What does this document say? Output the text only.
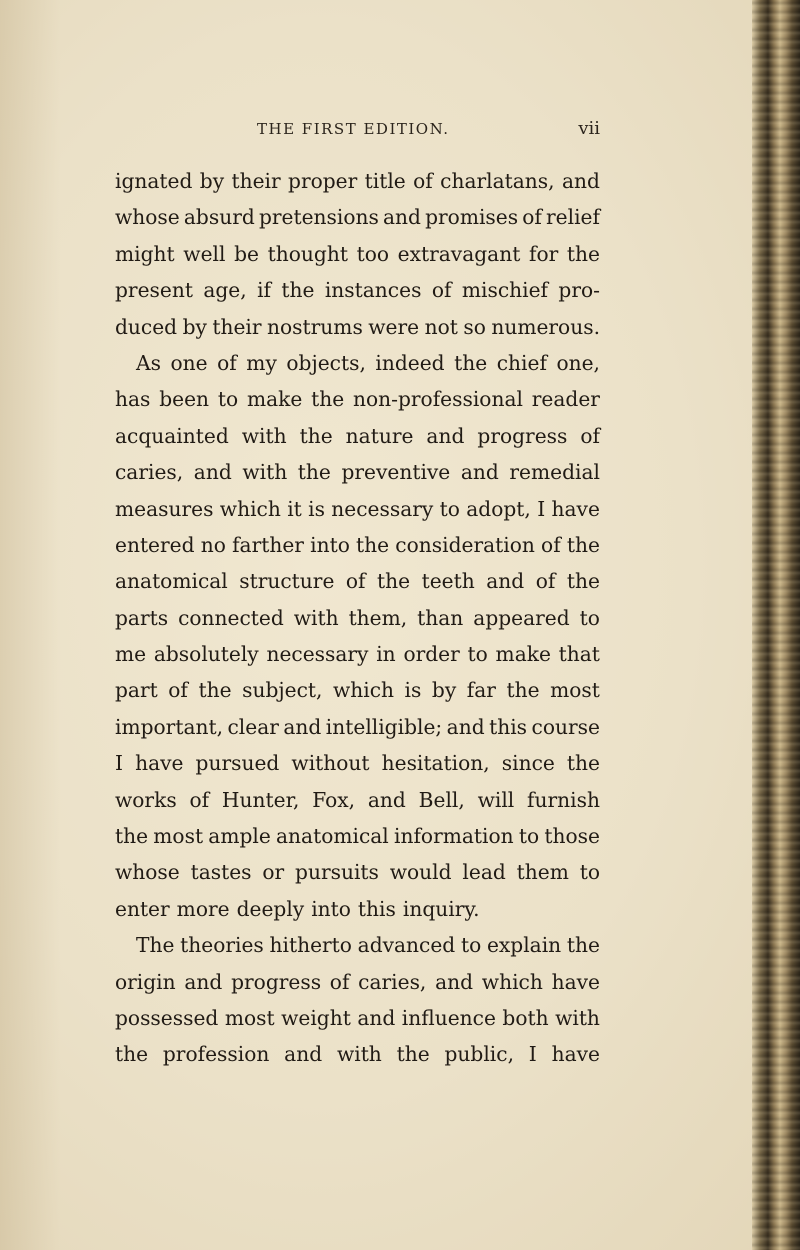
THE FIRST EDITION.	vii
ignated by their proper title of charlatans, and
whose absurd pretensions and promises of relief
might well be thought too extravagant for the
present age, if the instances of mischief pro-
duced by their nostrums were not so numerous.
As one of my objects, indeed the chief one,
has been to make the non-professional reader
acquainted with the nature and progress of
caries, and with the preventive and remedial
measures which it is necessary to adopt, I have
entered no farther into the consideration of the
anatomical structure of the teeth and of the
parts connected with them, than appeared to
me absolutely necessary in order to make that
part of the subject, which is by far the most
important, clear and intelligible; and this course
I have pursued without hesitation, since the
works of Hunter, Fox, and Bell, will furnish
the most ample anatomical information to those
whose tastes or pursuits would lead them to
enter more deeply into this inquiry.
The theories hitherto advanced to explain the
origin and progress of caries, and which have
possessed most weight and influence both with
the profession and with the public, I have
